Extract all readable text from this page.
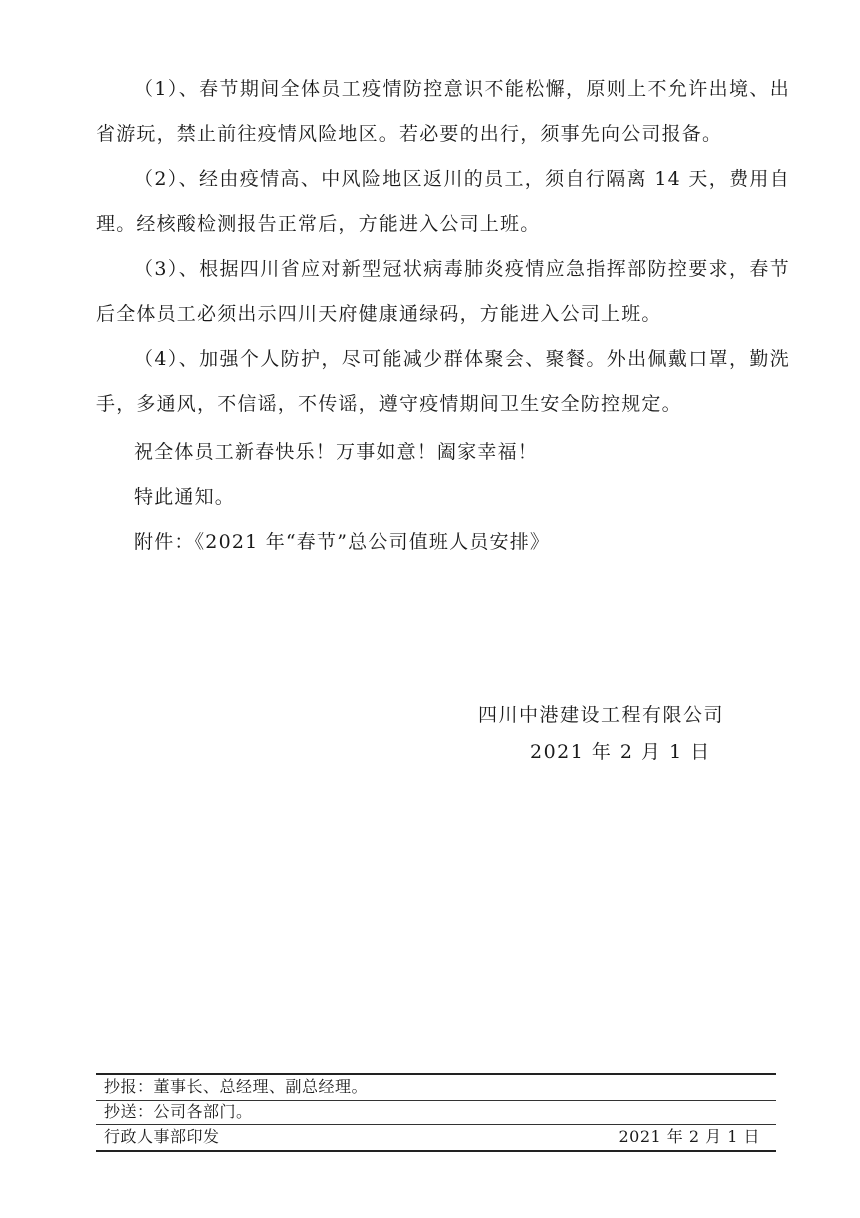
（1）、春节期间全体员工疫情防控意识不能松懈，原则上不允许出境、出省游玩，禁止前往疫情风险地区。若必要的出行，须事先向公司报备。

（2）、经由疫情高、中风险地区返川的员工，须自行隔离 14 天，费用自理。经核酸检测报告正常后，方能进入公司上班。

（3）、根据四川省应对新型冠状病毒肺炎疫情应急指挥部防控要求，春节后全体员工必须出示四川天府健康通绿码，方能进入公司上班。

（4）、加强个人防护，尽可能减少群体聚会、聚餐。外出佩戴口罩，勤洗手，多通风，不信谣，不传谣，遵守疫情期间卫生安全防控规定。

祝全体员工新春快乐！万事如意！阖家幸福！
特此通知。
附件：《2021 年“春节”总公司值班人员安排》
四川中港建设工程有限公司
2021 年 2 月 1 日
抄报：董事长、总经理、副总经理。
抄送：公司各部门。
行政人事部印发	2021 年 2 月 1 日
